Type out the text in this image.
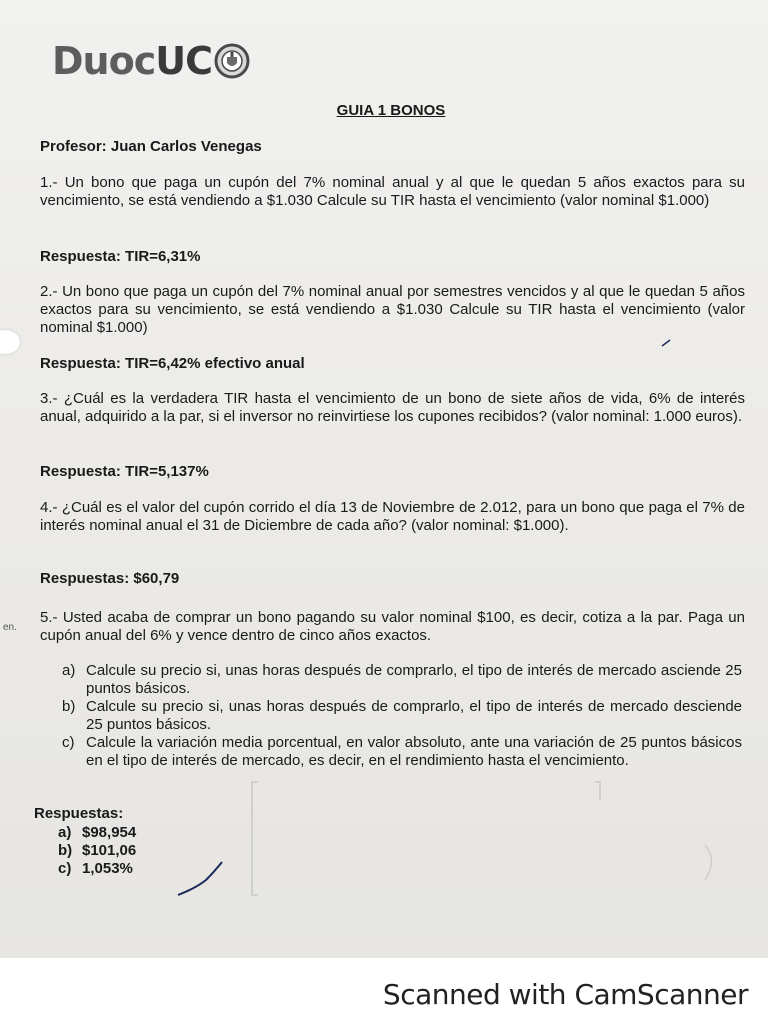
en.
DuocUC
GUIA 1 BONOS
Profesor: Juan Carlos Venegas
1.- Un bono que paga un cupón del 7% nominal anual y al que le quedan 5 años exactos para su vencimiento, se está vendiendo a $1.030 Calcule su TIR hasta el vencimiento (valor nominal $1.000)
Respuesta: TIR=6,31%
2.- Un bono que paga un cupón del 7% nominal anual por semestres vencidos y al que le quedan 5 años exactos para su vencimiento, se está vendiendo a $1.030 Calcule su TIR hasta el vencimiento (valor nominal $1.000)
Respuesta: TIR=6,42% efectivo anual
3.- ¿Cuál es la verdadera TIR hasta el vencimiento de un bono de siete años de vida, 6% de interés anual, adquirido a la par, si el inversor no reinvirtiese los cupones recibidos? (valor nominal: 1.000 euros).
Respuesta: TIR=5,137%
4.- ¿Cuál es el valor del cupón corrido el día 13 de Noviembre de 2.012, para un bono que paga el 7% de interés nominal anual el 31 de Diciembre de cada año? (valor nominal: $1.000).
Respuestas: $60,79
5.- Usted acaba de comprar un bono pagando su valor nominal $100, es decir, cotiza a la par. Paga un cupón anual del 6% y vence dentro de cinco años exactos.
a) Calcule su precio si, unas horas después de comprarlo, el tipo de interés de mercado asciende 25 puntos básicos.
b) Calcule su precio si, unas horas después de comprarlo, el tipo de interés de mercado desciende 25 puntos básicos.
c) Calcule la variación media porcentual, en valor absoluto, ante una variación de 25 puntos básicos en el tipo de interés de mercado, es decir, en el rendimiento hasta el vencimiento.
Respuestas:
a) $98,954
b) $101,06
c) 1,053%
Scanned with CamScanner
